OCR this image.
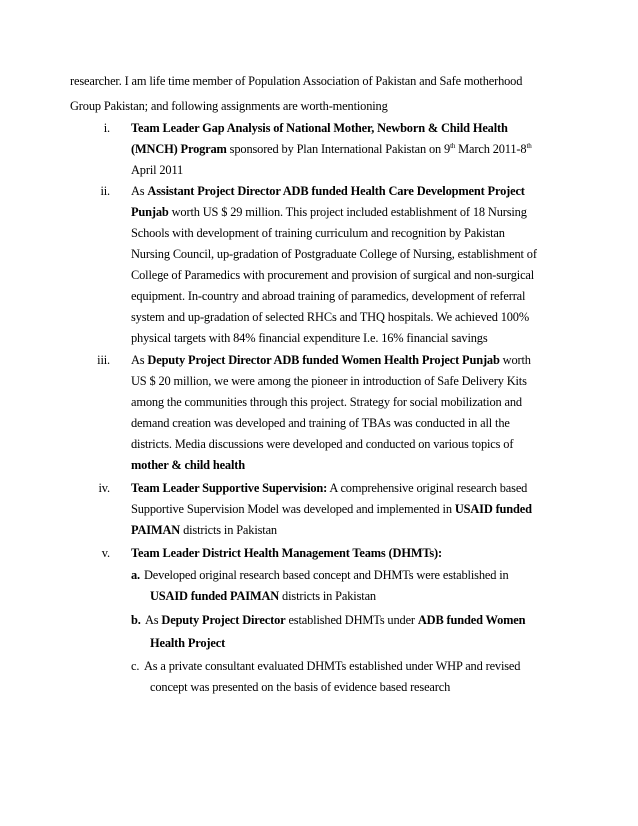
researcher. I am life time member of Population Association of Pakistan and Safe motherhood
Group Pakistan; and following assignments are worth-mentioning
i. Team Leader Gap Analysis of National Mother, Newborn & Child Health
(MNCH) Program sponsored by Plan International Pakistan on 9th March 2011-8th
April 2011
ii. As Assistant Project Director ADB funded Health Care Development Project
Punjab worth US $ 29 million. This project included establishment of 18 Nursing
Schools with development of training curriculum and recognition by Pakistan
Nursing Council, up-gradation of Postgraduate College of Nursing, establishment of
College of Paramedics with procurement and provision of surgical and non-surgical
equipment. In-country and abroad training of paramedics, development of referral
system and up-gradation of selected RHCs and THQ hospitals. We achieved 100%
physical targets with 84% financial expenditure I.e. 16% financial savings
iii. As Deputy Project Director ADB funded Women Health Project Punjab worth
US $ 20 million, we were among the pioneer in introduction of Safe Delivery Kits
among the communities through this project. Strategy for social mobilization and
demand creation was developed and training of TBAs was conducted in all the
districts. Media discussions were developed and conducted on various topics of
mother & child health
iv. Team Leader Supportive Supervision: A comprehensive original research based
Supportive Supervision Model was developed and implemented in USAID funded
PAIMAN districts in Pakistan
v. Team Leader District Health Management Teams (DHMTs):
a. Developed original research based concept and DHMTs were established in
USAID funded PAIMAN districts in Pakistan
b. As Deputy Project Director established DHMTs under ADB funded Women
Health Project
c. As a private consultant evaluated DHMTs established under WHP and revised
concept was presented on the basis of evidence based research
